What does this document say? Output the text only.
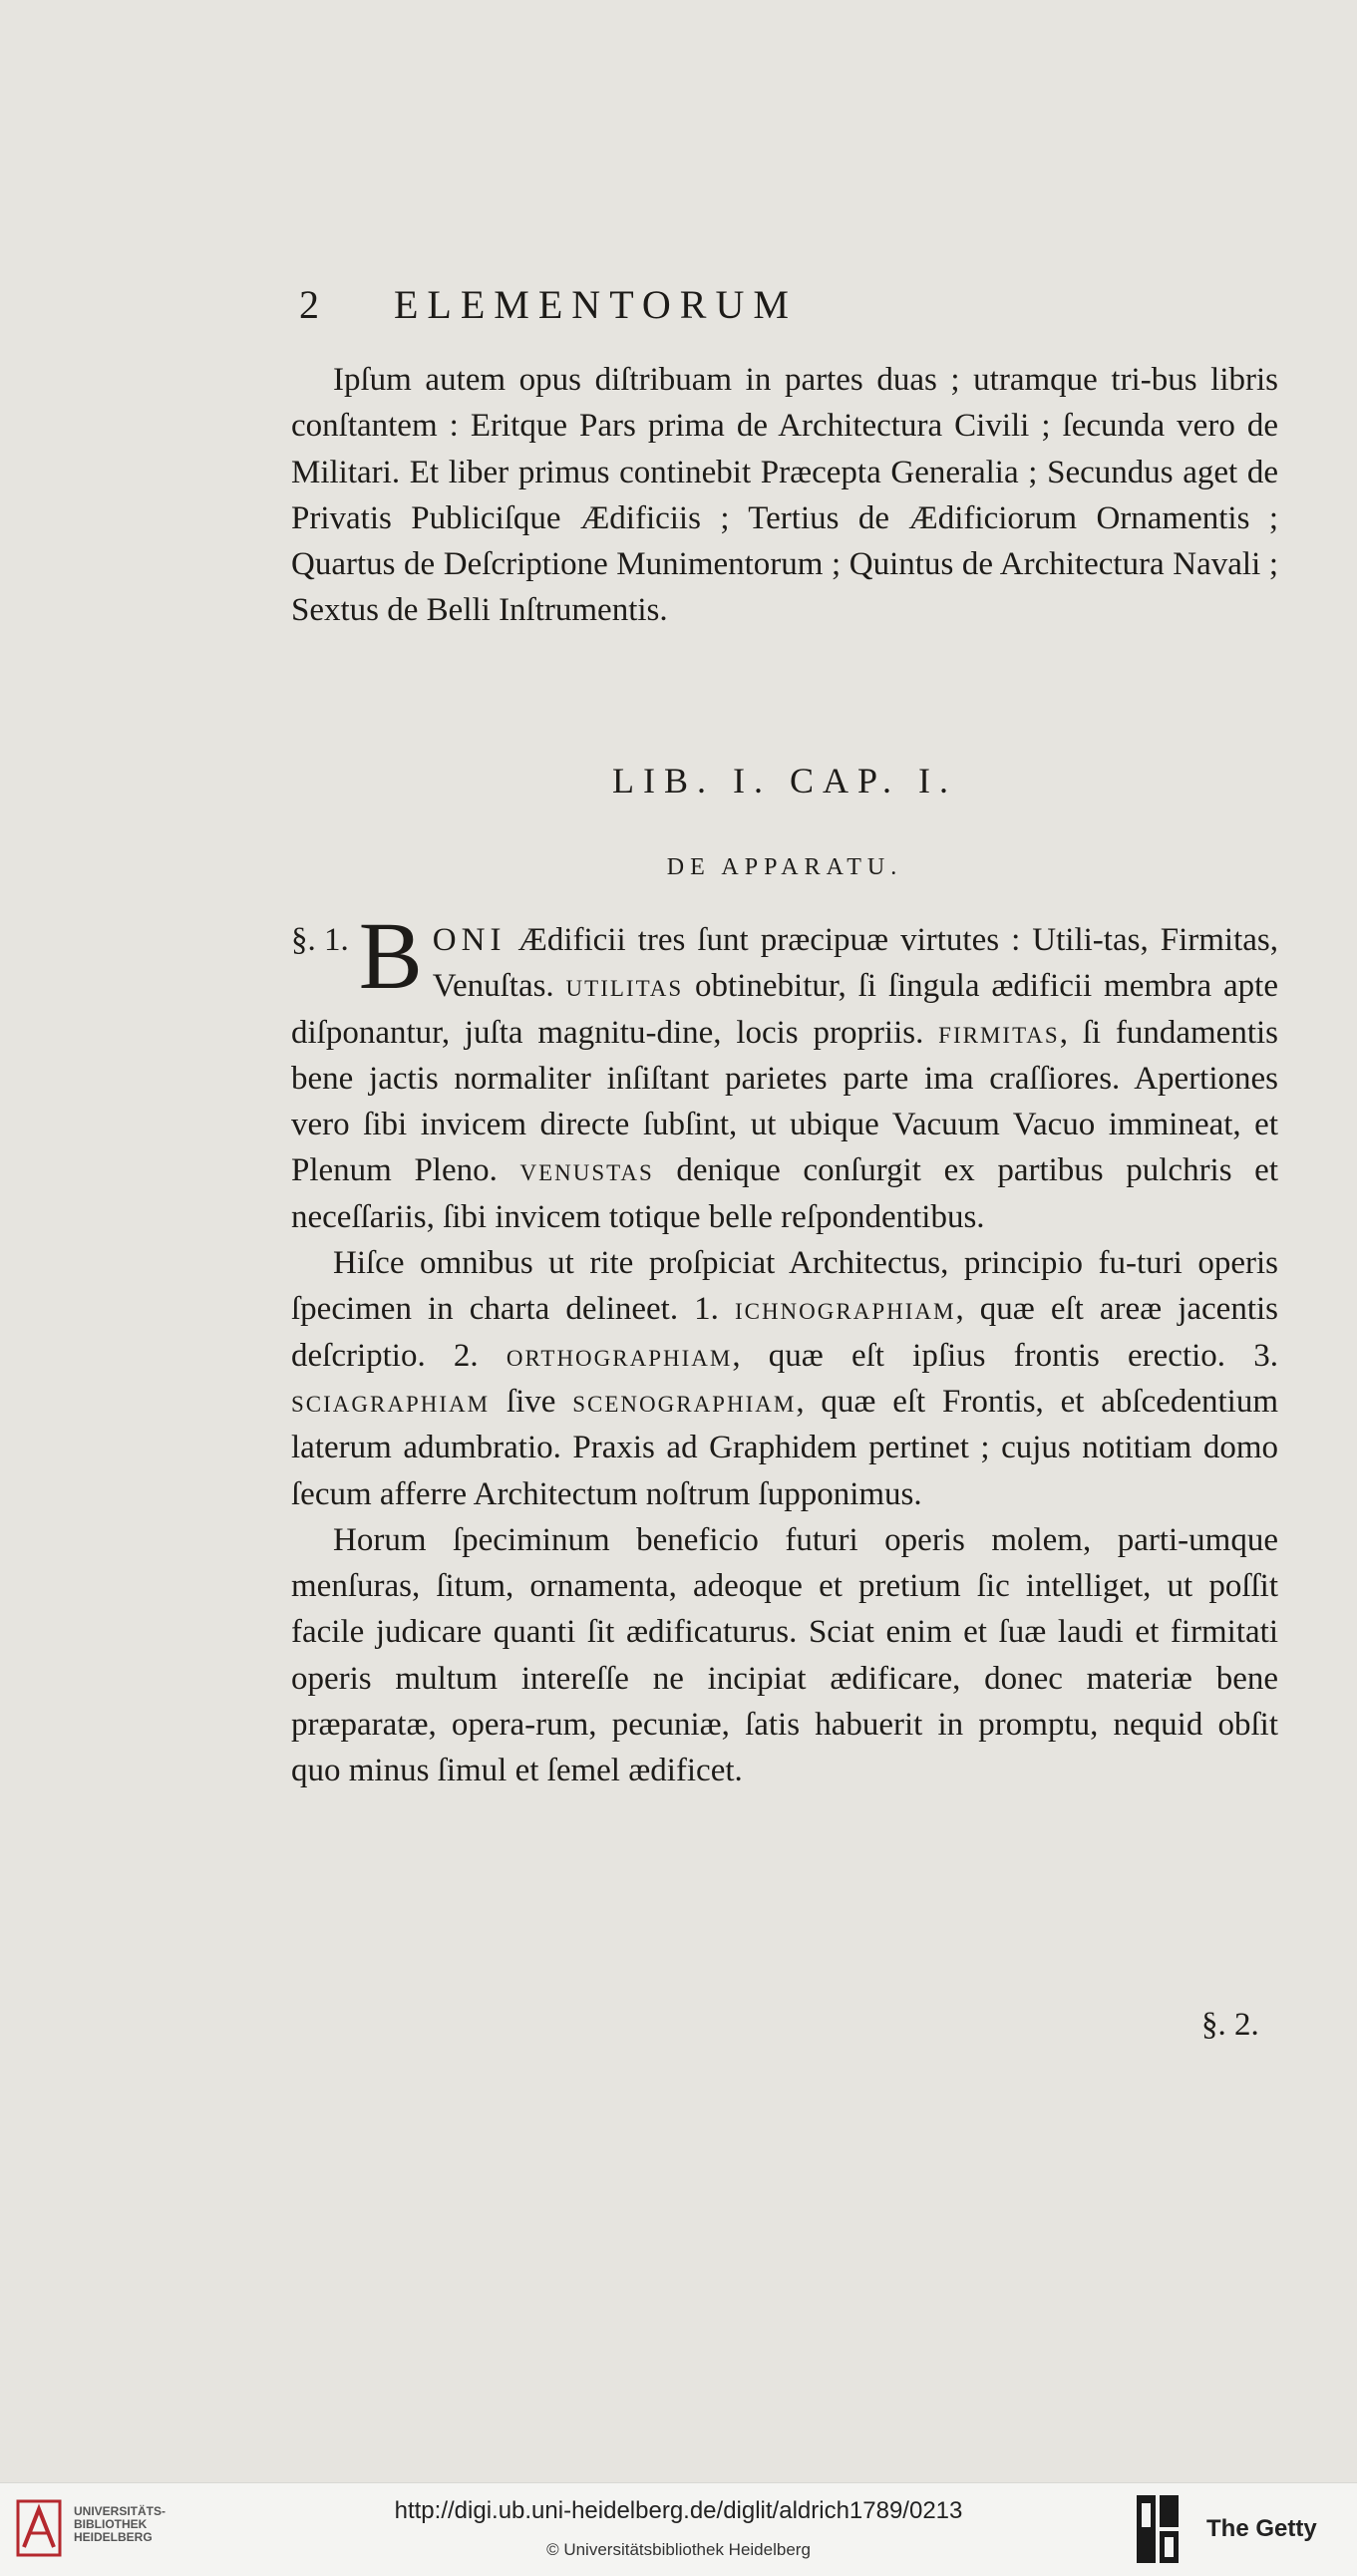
2 ELEMENTORUM

Ipſum autem opus diſtribuam in partes duas ; utramque tri-bus libris conſtantem : Eritque Pars prima de Architectura Civili ; ſecunda vero de Militari. Et liber primus continebit Præcepta Generalia ; Secundus aget de Privatis Publiciſque Ædificiis ; Tertius de Ædificiorum Ornamentis ; Quartus de Deſcriptione Munimentorum ; Quintus de Architectura Navali ; Sextus de Belli Inſtrumentis.

LIB. I. CAP. I.
DE APPARATU.

§. 1. B ONI Ædificii tres ſunt præcipuæ virtutes : Utili-tas, Firmitas, Venuſtas. utilitas obtinebitur, ſi ſingula ædificii membra apte diſponantur, juſta magnitu-dine, locis propriis. firmitas, ſi fundamentis bene jactis normaliter inſiſtant parietes parte ima craſſiores. Apertiones vero ſibi invicem directe ſubſint, ut ubique Vacuum Vacuo immineat, et Plenum Pleno. venustas denique conſurgit ex partibus pulchris et neceſſariis, ſibi invicem totique belle reſpondentibus.

Hiſce omnibus ut rite proſpiciat Architectus, principio fu-turi operis ſpecimen in charta delineet. 1. ichnographiam, quæ eſt areæ jacentis deſcriptio. 2. orthographiam, quæ eſt ipſius frontis erectio. 3. sciagraphiam ſive scenographiam, quæ eſt Frontis, et abſcedentium laterum adumbratio. Praxis ad Graphidem pertinet ; cujus notitiam domo ſecum afferre Architectum noſtrum ſupponimus.

Horum ſpeciminum beneficio futuri operis molem, parti-umque menſuras, ſitum, ornamenta, adeoque et pretium ſic intelliget, ut poſſit facile judicare quanti ſit ædificaturus. Sciat enim et ſuæ laudi et firmitati operis multum intereſſe ne incipiat ædificare, donec materiæ bene præparatæ, opera-rum, pecuniæ, ſatis habuerit in promptu, nequid obſit quo minus ſimul et ſemel ædificet.

§. 2.
UNIVERSITÄTS-
BIBLIOTHEK
HEIDELBERG
http://digi.ub.uni-heidelberg.de/diglit/aldrich1789/0213
© Universitätsbibliothek Heidelberg
The Getty
